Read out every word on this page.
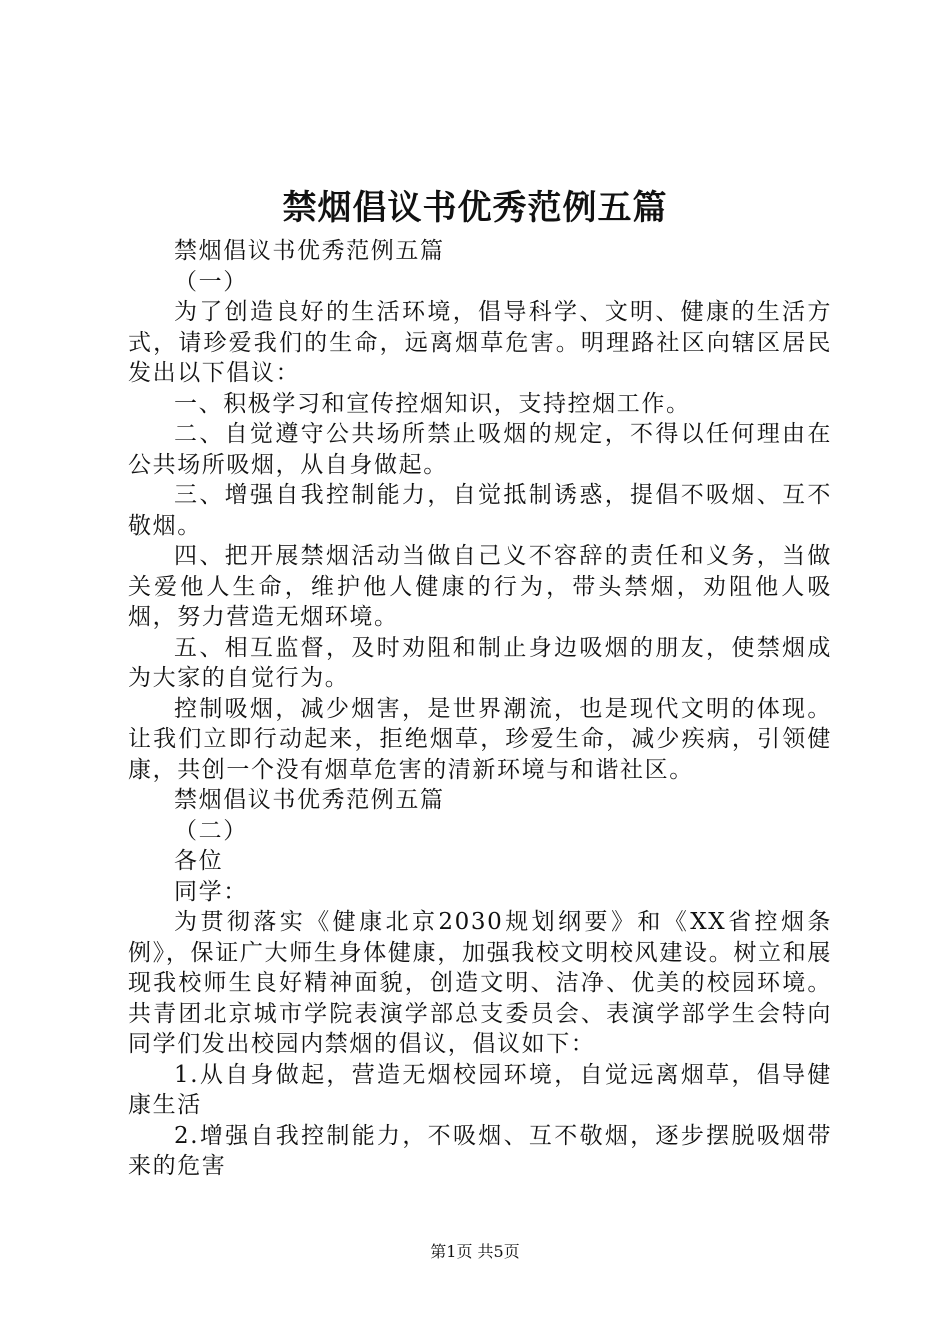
禁烟倡议书优秀范例五篇

禁烟倡议书优秀范例五篇

（一）

为了创造良好的生活环境，倡导科学、文明、健康的生活方式，请珍爱我们的生命，远离烟草危害。明理路社区向辖区居民发出以下倡议：

一、积极学习和宣传控烟知识，支持控烟工作。

二、自觉遵守公共场所禁止吸烟的规定，不得以任何理由在公共场所吸烟，从自身做起。

三、增强自我控制能力，自觉抵制诱惑，提倡不吸烟、互不敬烟。

四、把开展禁烟活动当做自己义不容辞的责任和义务，当做关爱他人生命，维护他人健康的行为，带头禁烟，劝阻他人吸烟，努力营造无烟环境。

五、相互监督，及时劝阻和制止身边吸烟的朋友，使禁烟成为大家的自觉行为。

控制吸烟，减少烟害，是世界潮流，也是现代文明的体现。让我们立即行动起来，拒绝烟草，珍爱生命，减少疾病，引领健康，共创一个没有烟草危害的清新环境与和谐社区。

禁烟倡议书优秀范例五篇

（二）

各位

同学：

为贯彻落实《健康北京2030规划纲要》和《XX省控烟条例》，保证广大师生身体健康，加强我校文明校风建设。树立和展现我校师生良好精神面貌，创造文明、洁净、优美的校园环境。共青团北京城市学院表演学部总支委员会、表演学部学生会特向同学们发出校园内禁烟的倡议，倡议如下：

1.从自身做起，营造无烟校园环境，自觉远离烟草，倡导健康生活

2.增强自我控制能力，不吸烟、互不敬烟，逐步摆脱吸烟带来的危害

第1页 共5页
